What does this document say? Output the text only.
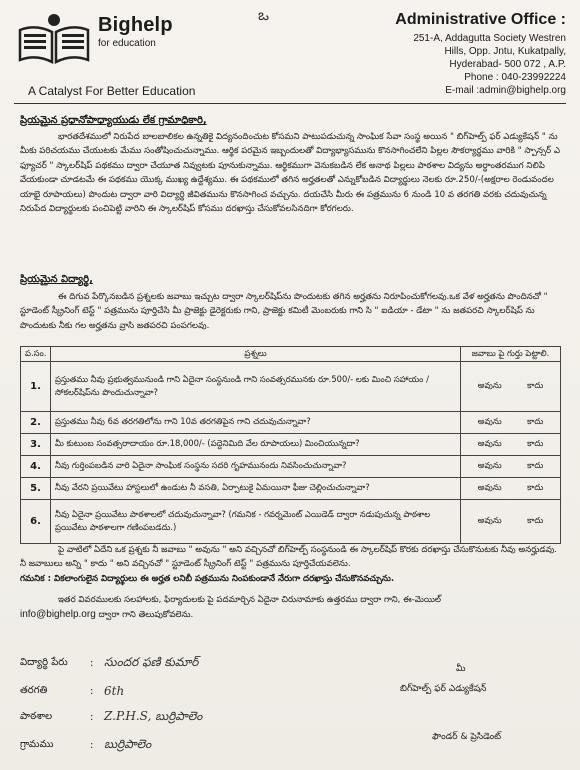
Bighelp
for education
A Catalyst For Better Education
ఒ	Administrative Office :
251-A, Addagutta Society Westren
Hills, Opp. Jntu, Kukatpally,
Hyderabad- 500 072 , A.P.
Phone : 040-23992224
E-mail :admin@bighelp.org
ప్రియమైన ప్రధానోపాధ్యాయుడు లేక గ్రామాధికారి,
భారతదేశములో నిరుపేద బాలబాలికల ఉన్నతికై విద్యనందించుట కోసమని పాటుపడుచున్న సాంఘిక సేవా సంస్థ అయిన " బిగ్‌హెల్ప్ ఫర్ ఎడ్యుకేషన్ " ను మీకు పరిచయము చేయుటకు మేము సంతోషించుచున్నాము. ఆర్థిక పరమైన ఇబ్బందులతో విద్యాభ్యాసమును కొనసాగించలేని పిల్లల సౌకర్యార్థము వారికి " స్పాన్సర్ ఎ ఫ్యూచర్ " స్కాలర్‌షిప్ పథకము ద్వారా చేయూత నివ్వుటకు పూనుకున్నాము. ఆర్థికముగా వెనుకబడిన లేక అనాథ పిల్లలు పాఠశాల విద్యను అర్ధాంతరముగ నిలిపి వేయకుండా చూడటమే ఈ పథకము యొక్క ముఖ్య ఉద్దేశ్యము. ఈ పథకములో తగిన అర్హతలతో ఎన్నుకోబడిన విద్యార్థులు నెలకు రూ.250/-(అక్షరాల రెండువందల యాభై రూపాయలు) పొందుట ద్వారా వారి విద్యార్థి జీవితమును కొనసాగించ వచ్చును. దయచేసి మీరు ఈ పత్రమును 6 నుండి 10 వ తరగతి వరకు చదువుచున్న నిరుపేద విద్యార్థులకు పంచిపెట్టి వారిని ఈ స్కాలర్‌షిప్ కోసము దరఖాస్తు చేసుకోవలసినదిగా కోరగలరు.
ప్రియమైన విద్యార్థి,
ఈ దిగువ పేర్కొనబడిన ప్రశ్నలకు జవాబు ఇచ్చుట ద్వారా స్కాలర్‌షిప్‌ను పొందుటకు తగిన అర్హతను నిరూపించుకోగలవు.ఒక వేళ అర్హతను పొందినచో " స్టూడెంట్ స్క్రీనింగ్ టెస్ట్ " పత్రమును పూర్తిచేసి మీ ప్రాజెక్టు డైరెక్టరుకు గాని, ప్రాజెక్టు కమిటీ మెంబరుకు గాని సి " ఐడియా - డేటా " ను జతపరచి స్కాలర్‌షిప్ ను పొందుటకు నీకు గల అర్హతను వ్రాసి జతపరచి పంపగలవు.
ప.సం.	ప్రశ్నలు	జవాబు పై గుర్తు పెట్టాలి.
1.	ప్రస్తుతము నీవు ప్రభుత్వమునుండి గాని ఏదైనా సంస్థనుండి గాని సంవత్సరమునకు రూ.500/- లకు మించి సహాయం / సోకలర్‌షిప్‌ను పొందుచున్నావా?	అవును కాదు

2.	ప్రస్తుతము నీవు 6వ తరగతిలోను గాని 10వ తరగతిపైన గాని చదువుచున్నావా?	అవును కాదు

3.	మీ కుటుంబ సంవత్సరాదాయం రూ.18,000/- (పద్దెనిమిది వేల రూపాయలు) మించియున్నదా?	అవును కాదు

4.	నీవు గుర్తింపబడిన వారి ఏదైనా సాంఘిక సంస్థను సదరి గృహమునందు నివసించుచున్నావా?	అవును కాదు

5.	నీవు వేరని ప్రయివేటు హాస్టలులో ఉండుట నీ వసతి, ఏర్పాటుకై ఏమయినా ఫీజు చెల్లించుచున్నావా?	అవును కాదు

6.	నీవు ఏదైనా ప్రయివేటు పాఠశాలలో చదువుచున్నావా? (గమనిక - గవర్నమెంట్ ఎయిడెడ్ ద్వారా నడుపుచున్న పాఠశాల ప్రయివేటు పాఠశాలగా గణింపబడదు.)	అవును కాదు
పై వాటిలో ఏదేని ఒక ప్రశ్నకు నీ జవాబు " అవును " అని వచ్చినచో బిగ్‌హెల్ప్ సంస్థనుండి ఈ స్కాలర్‌షిప్ కొరకు దరఖాస్తు చేసుకొనుటకు నీవు అనర్హుడవు. నీ జవాబులు అన్ని " కాదు " అని వచ్చినచో " స్టూడెంట్ స్క్రీనింగ్ టెస్ట్ " పత్రమును పూర్తిచేయవలెను.
గమనిక : వికలాంగులైన విద్యార్థులు ఈ అర్హత లనిబీ పత్రమును నింపకుండానే నేరుగా దరఖాస్తు చేసుకొనవచ్చును.
ఇతర వివరములకు సలహాలకు, ఫిర్యాదులకు పై పదమార్చిన ఏదైనా చిరునామాకు ఉత్తరము ద్వారా గాని, ఈ-మెయిల్
info@bighelp.org ద్వారా గాని తెలుపుకోవలెను.
విద్యార్థి పేరు	: సుందర ఫణి కుమార్
తరగతి	: 6th
పాఠశాల	: Z.P.H.S, బుర్రిపాలెం
గ్రామము	: బుర్రిపాలెం
మీ
బిగ్‌హెల్ప్ ఫర్ ఎడ్యుకేషన్
ఫౌండర్ & ప్రెసిడెంట్
